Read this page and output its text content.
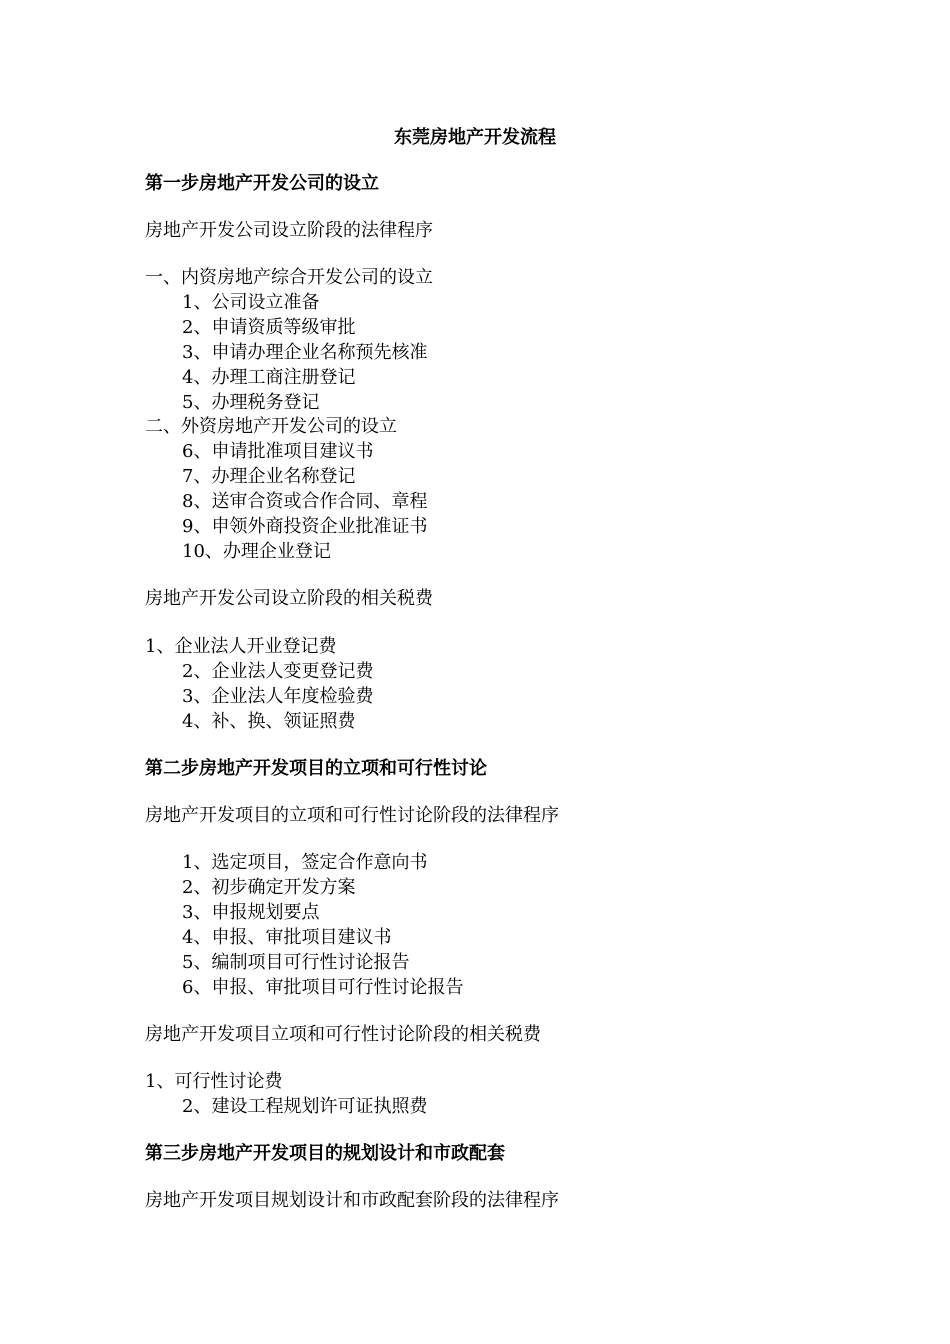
东莞房地产开发流程
第一步房地产开发公司的设立
房地产开发公司设立阶段的法律程序
一、内资房地产综合开发公司的设立
1、公司设立准备
2、申请资质等级审批
3、申请办理企业名称预先核准
4、办理工商注册登记
5、办理税务登记
二、外资房地产开发公司的设立
6、申请批准项目建议书
7、办理企业名称登记
8、送审合资或合作合同、章程
9、申领外商投资企业批准证书
10、办理企业登记
房地产开发公司设立阶段的相关税费
1、企业法人开业登记费
2、企业法人变更登记费
3、企业法人年度检验费
4、补、换、领证照费
第二步房地产开发项目的立项和可行性讨论
房地产开发项目的立项和可行性讨论阶段的法律程序
1、选定项目，签定合作意向书
2、初步确定开发方案
3、申报规划要点
4、申报、审批项目建议书
5、编制项目可行性讨论报告
6、申报、审批项目可行性讨论报告
房地产开发项目立项和可行性讨论阶段的相关税费
1、可行性讨论费
2、建设工程规划许可证执照费
第三步房地产开发项目的规划设计和市政配套
房地产开发项目规划设计和市政配套阶段的法律程序
